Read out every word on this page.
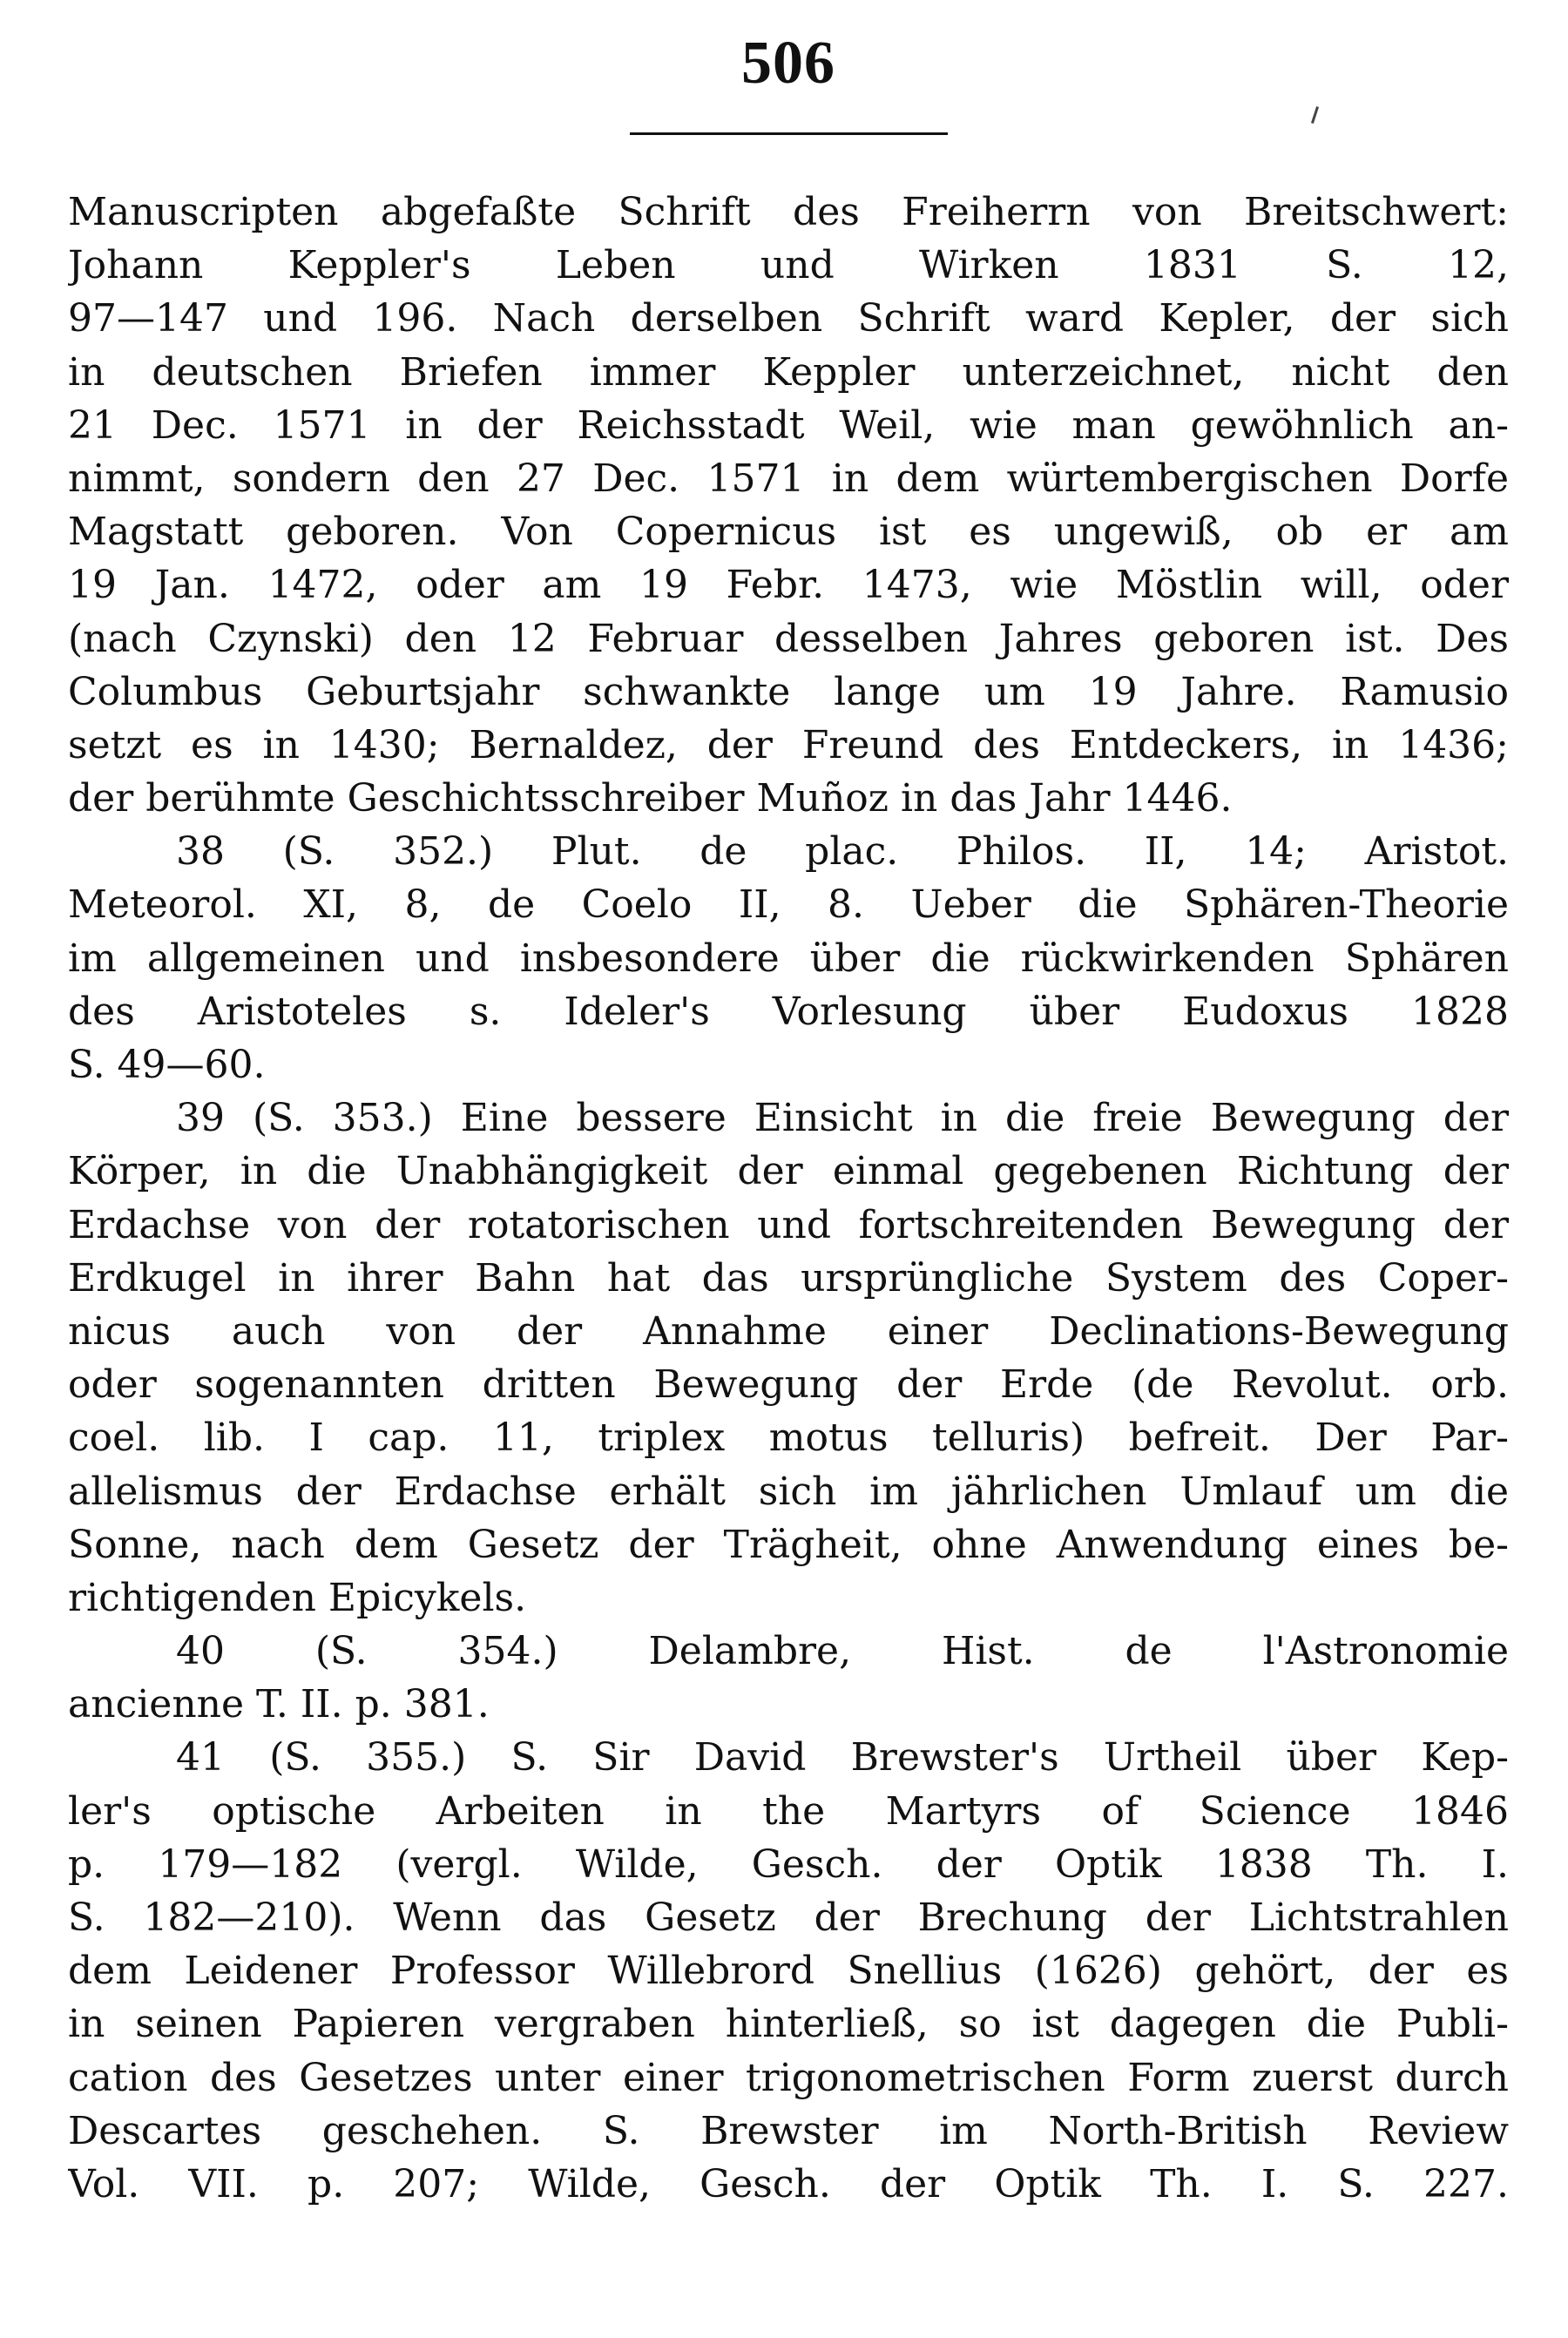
506
Manuscripten abgefaßte Schrift des Freiherrn von Breitschwert:
Johann Keppler's Leben und Wirken 1831 S. 12,
97—147 und 196. Nach derselben Schrift ward Kepler, der sich
in deutschen Briefen immer Keppler unterzeichnet, nicht den
21 Dec. 1571 in der Reichsstadt Weil, wie man gewöhnlich an-
nimmt, sondern den 27 Dec. 1571 in dem würtembergischen Dorfe
Magstatt geboren. Von Copernicus ist es ungewiß, ob er am
19 Jan. 1472, oder am 19 Febr. 1473, wie Möstlin will, oder
(nach Czynski) den 12 Februar desselben Jahres geboren ist. Des
Columbus Geburtsjahr schwankte lange um 19 Jahre. Ramusio
setzt es in 1430; Bernaldez, der Freund des Entdeckers, in 1436;
der berühmte Geschichtsschreiber Muñoz in das Jahr 1446.
38 (S. 352.) Plut. de plac. Philos. II, 14; Aristot.
Meteorol. XI, 8, de Coelo II, 8. Ueber die Sphären-Theorie
im allgemeinen und insbesondere über die rückwirkenden Sphären
des Aristoteles s. Ideler's Vorlesung über Eudoxus 1828
S. 49—60.
39 (S. 353.) Eine bessere Einsicht in die freie Bewegung der
Körper, in die Unabhängigkeit der einmal gegebenen Richtung der
Erdachse von der rotatorischen und fortschreitenden Bewegung der
Erdkugel in ihrer Bahn hat das ursprüngliche System des Coper-
nicus auch von der Annahme einer Declinations-Bewegung
oder sogenannten dritten Bewegung der Erde (de Revolut. orb.
coel. lib. I cap. 11, triplex motus telluris) befreit. Der Par-
allelismus der Erdachse erhält sich im jährlichen Umlauf um die
Sonne, nach dem Gesetz der Trägheit, ohne Anwendung eines be-
richtigenden Epicykels.
40 (S. 354.) Delambre, Hist. de l'Astronomie
ancienne T. II. p. 381.
41 (S. 355.) S. Sir David Brewster's Urtheil über Kep-
ler's optische Arbeiten in the Martyrs of Science 1846
p. 179—182 (vergl. Wilde, Gesch. der Optik 1838 Th. I.
S. 182—210). Wenn das Gesetz der Brechung der Lichtstrahlen
dem Leidener Professor Willebrord Snellius (1626) gehört, der es
in seinen Papieren vergraben hinterließ, so ist dagegen die Publi-
cation des Gesetzes unter einer trigonometrischen Form zuerst durch
Descartes geschehen. S. Brewster im North-British Review
Vol. VII. p. 207; Wilde, Gesch. der Optik Th. I. S. 227.
